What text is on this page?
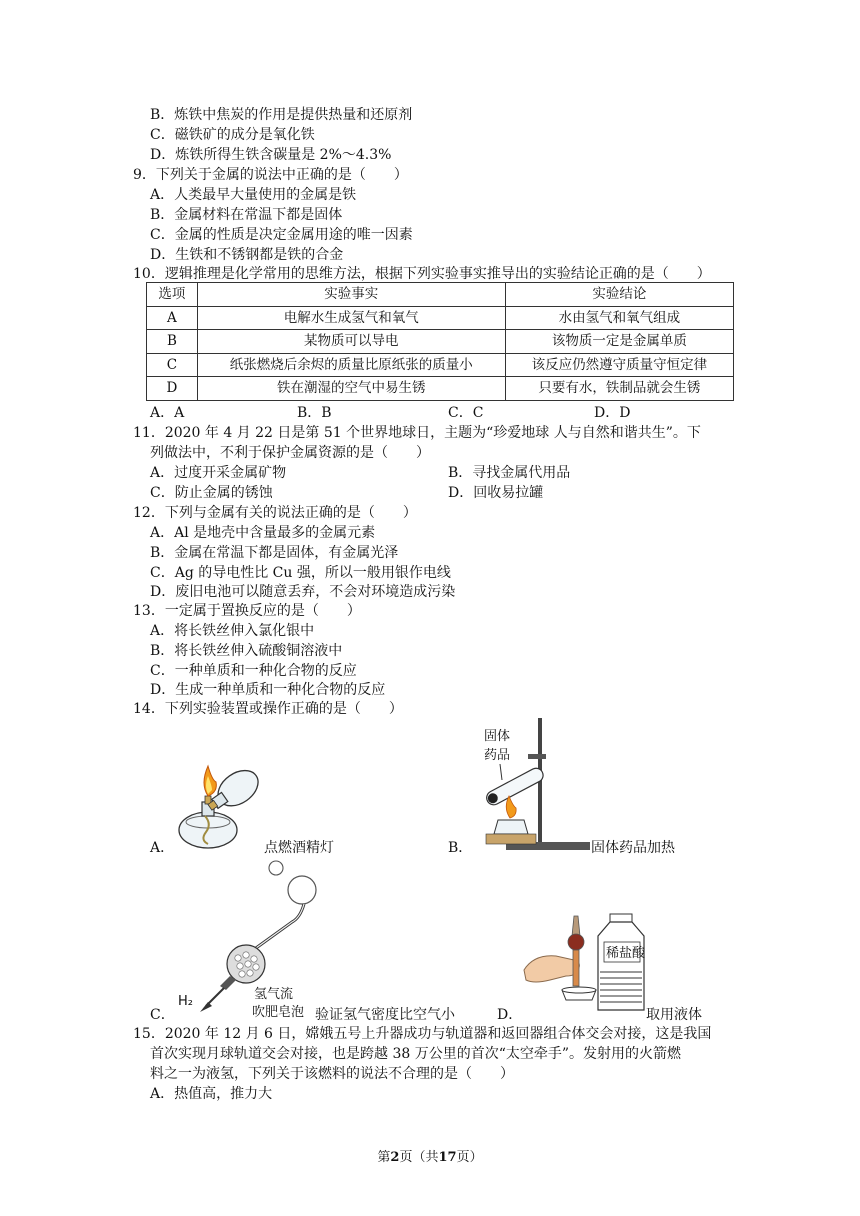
B．炼铁中焦炭的作用是提供热量和还原剂
C．磁铁矿的成分是氧化铁
D．炼铁所得生铁含碳量是 2%～4.3%
9．下列关于金属的说法中正确的是（　　）
A．人类最早大量使用的金属是铁
B．金属材料在常温下都是固体
C．金属的性质是决定金属用途的唯一因素
D．生铁和不锈钢都是铁的合金
10．逻辑推理是化学常用的思维方法，根据下列实验事实推导出的实验结论正确的是（　　）
选项	实验事实	实验结论
A	电解水生成氢气和氧气	水由氢气和氧气组成
B	某物质可以导电	该物质一定是金属单质
C	纸张燃烧后余烬的质量比原纸张的质量小	该反应仍然遵守质量守恒定律
D	铁在潮湿的空气中易生锈	只要有水，铁制品就会生锈
A．A	B．B	C．C	D．D
11．2020 年 4 月 22 日是第 51 个世界地球日，主题为“珍爱地球 人与自然和谐共生”。下
列做法中，不利于保护金属资源的是（　　）
A．过度开采金属矿物	B．寻找金属代用品
C．防止金属的锈蚀	D．回收易拉罐
12．下列与金属有关的说法正确的是（　　）
A．Al 是地壳中含量最多的金属元素
B．金属在常温下都是固体，有金属光泽
C．Ag 的导电性比 Cu 强，所以一般用银作电线
D．废旧电池可以随意丢弃，不会对环境造成污染
13．一定属于置换反应的是（　　）
A．将长铁丝伸入氯化银中
B．将长铁丝伸入硫酸铜溶液中
C．一种单质和一种化合物的反应
D．生成一种单质和一种化合物的反应
14．下列实验装置或操作正确的是（　　）
A．	点燃酒精灯
固体
药品
B．	固体药品加热
H₂	氢气流
吹肥皂泡
C．	验证氢气密度比空气小
稀盐酸
D．	取用液体
15．2020 年 12 月 6 日，嫦娥五号上升器成功与轨道器和返回器组合体交会对接，这是我国
首次实现月球轨道交会对接，也是跨越 38 万公里的首次“太空牵手”。发射用的火箭燃
料之一为液氢，下列关于该燃料的说法不合理的是（　　）
A．热值高，推力大
第2页（共17页）
